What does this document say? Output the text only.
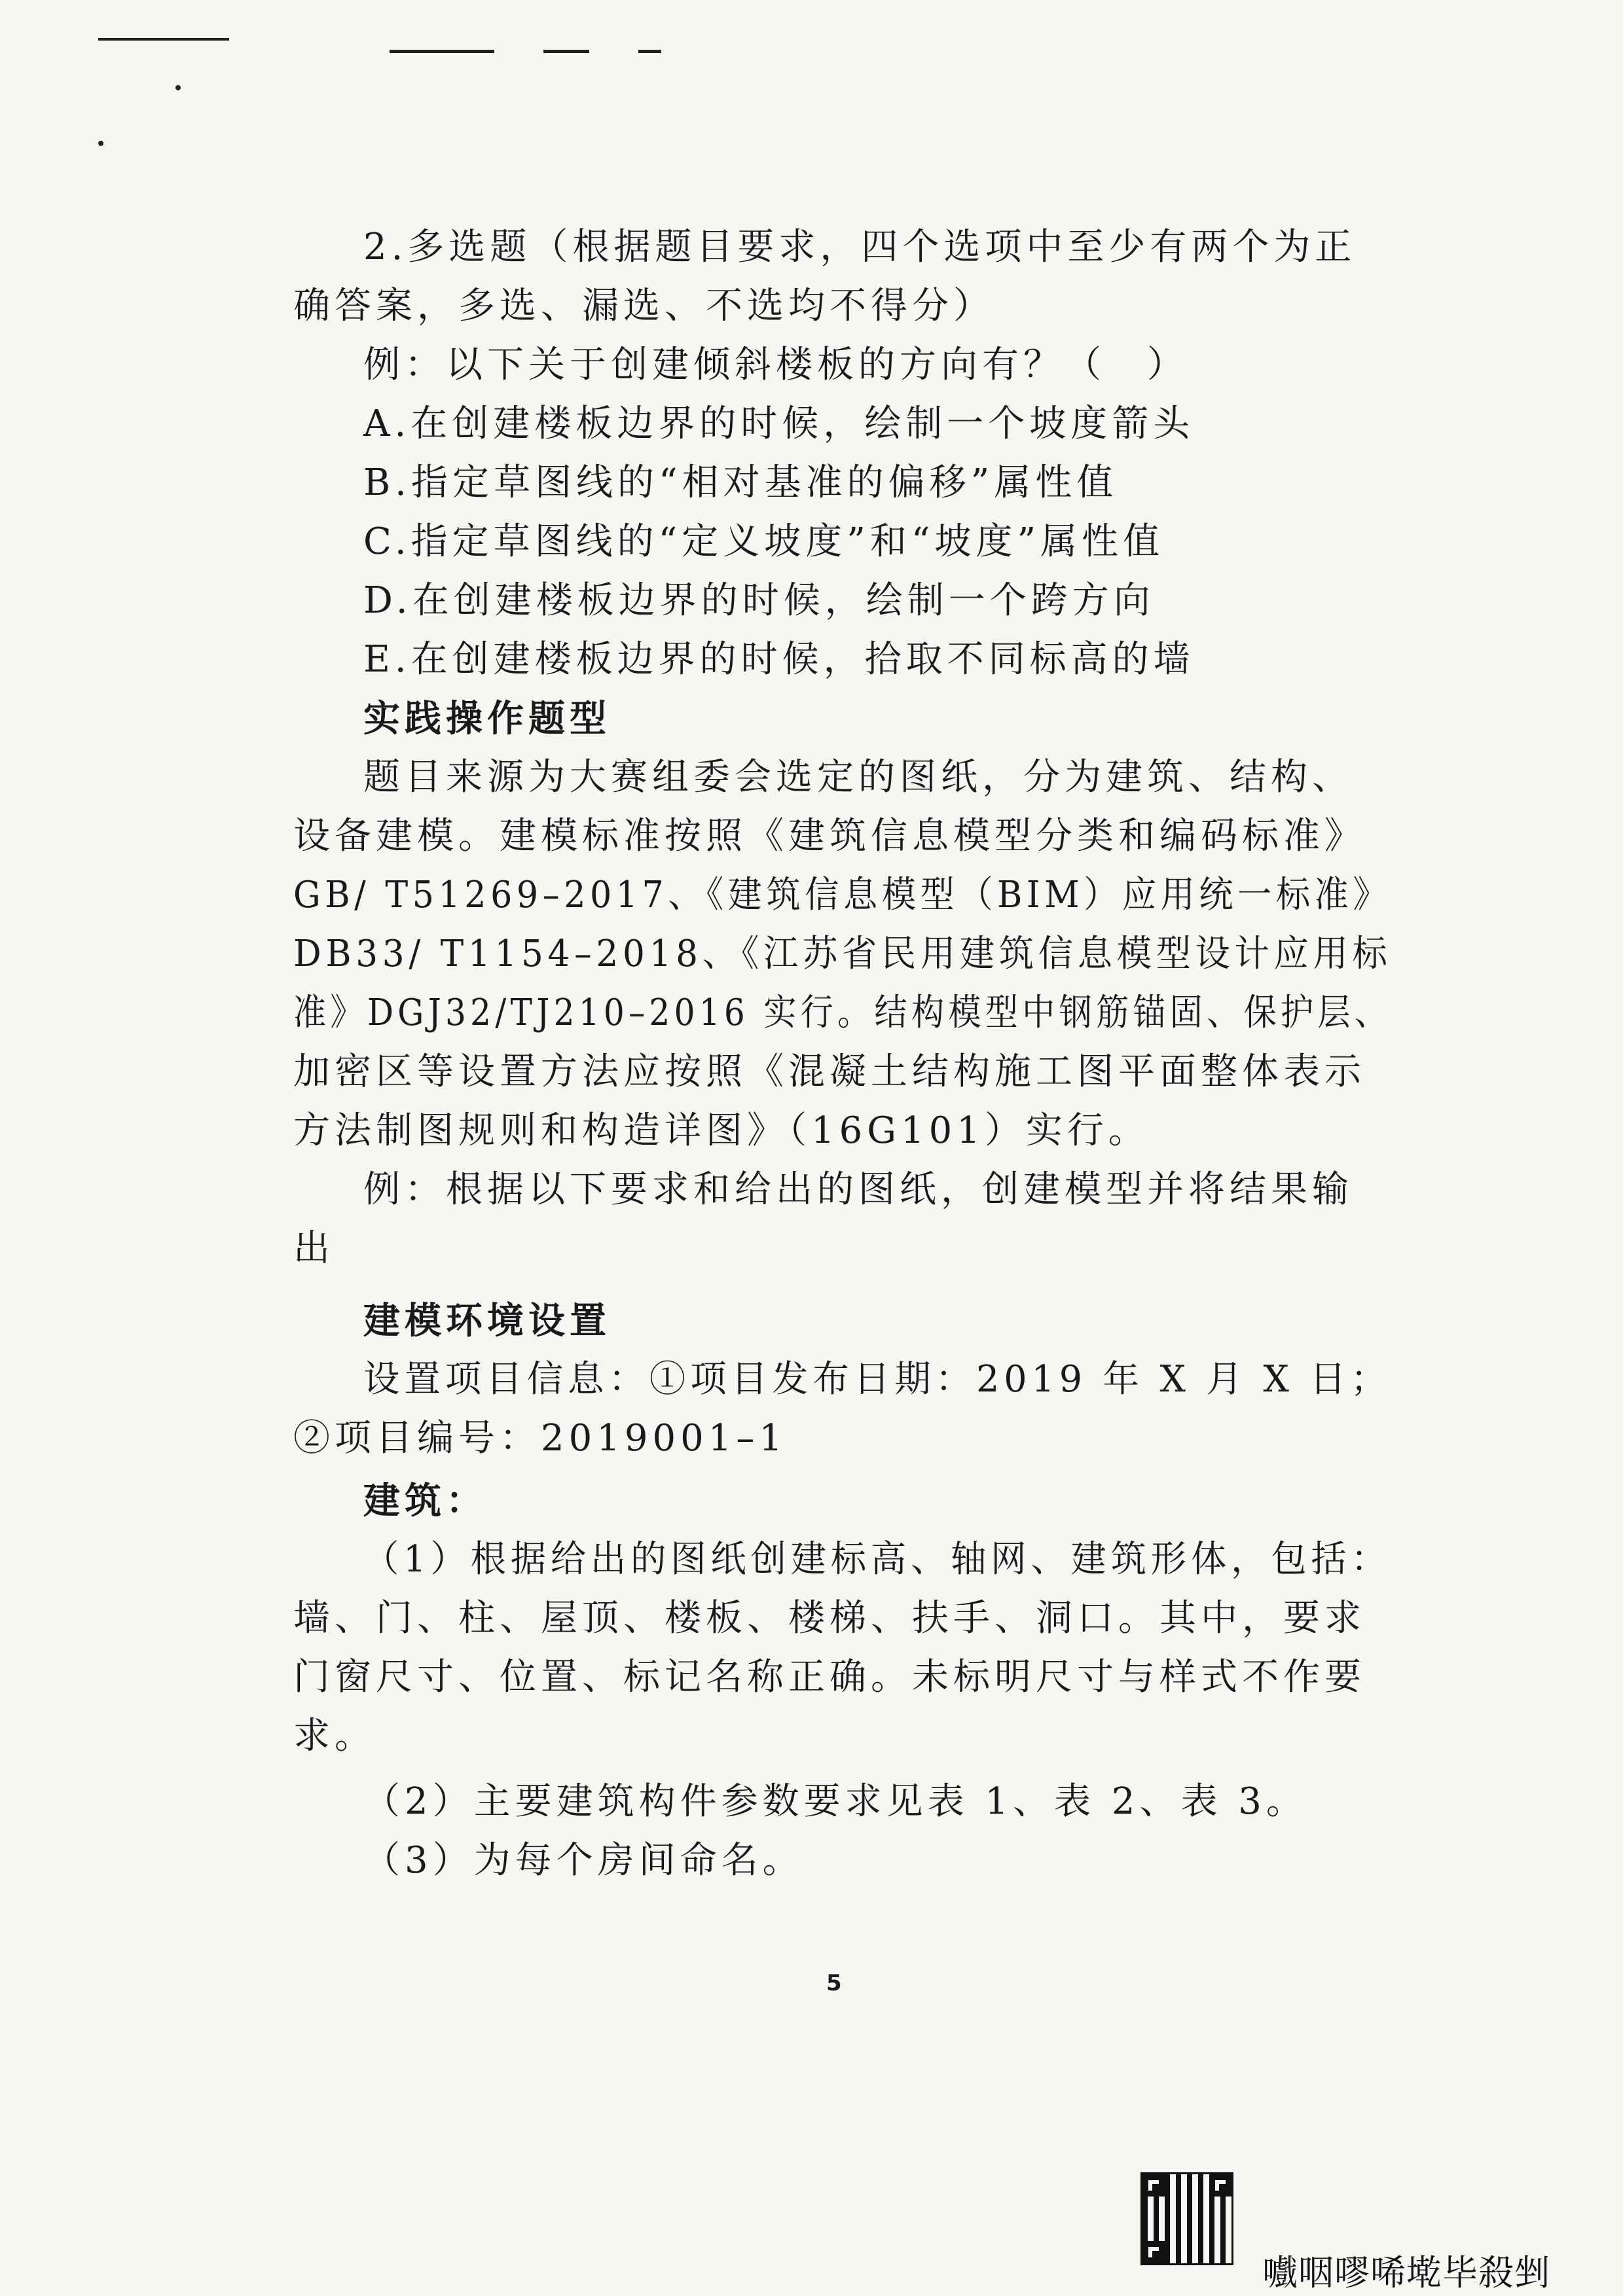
2.多选题（根据题目要求，四个选项中至少有两个为正
确答案，多选、漏选、不选均不得分）
例：以下关于创建倾斜楼板的方向有？（　）
A.在创建楼板边界的时候，绘制一个坡度箭头
B.指定草图线的“相对基准的偏移”属性值
C.指定草图线的“定义坡度”和“坡度”属性值
D.在创建楼板边界的时候，绘制一个跨方向
E.在创建楼板边界的时候，拾取不同标高的墙
实践操作题型
题目来源为大赛组委会选定的图纸，分为建筑、结构、
设备建模。建模标准按照《建筑信息模型分类和编码标准》
GB/ T51269–2017、《建筑信息模型（BIM）应用统一标准》
DB33/ T1154–2018、《江苏省民用建筑信息模型设计应用标
准》DGJ32/TJ210–2016 实行。结构模型中钢筋锚固、保护层、
加密区等设置方法应按照《混凝土结构施工图平面整体表示
方法制图规则和构造详图》（16G101）实行。
例：根据以下要求和给出的图纸，创建模型并将结果输
出
建模环境设置
设置项目信息：①项目发布日期：2019 年 X 月 X 日；
②项目编号：2019001–1
建筑：
（1）根据给出的图纸创建标高、轴网、建筑形体，包括：
墙、门、柱、屋顶、楼板、楼梯、扶手、洞口。其中，要求
门窗尺寸、位置、标记名称正确。未标明尺寸与样式不作要
求。
（2）主要建筑构件参数要求见表 1、表 2、表 3。
（3）为每个房间命名。
5
嚱咽嘐唏墘毕殺剉
